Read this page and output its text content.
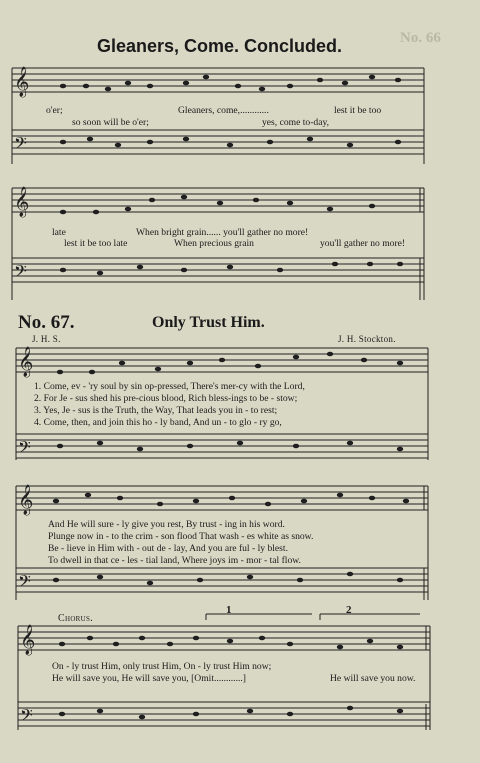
No. 66
Gleaners, Come. Concluded.
𝄞
𝄢
𝄞
𝄢
𝄞
𝄢
𝄞
𝄢
𝄞
𝄢
o'er;	Gleaners, come,............	lest it be too
so soon will be o'er;	yes, come to-day,
late	When bright grain...... you'll gather no more!
lest it be too late	When precious grain	you'll gather no more!
No. 67.	Only Trust Him.
J. H. S.	J. H. Stockton.
1. Come, ev - 'ry soul by sin op-pressed, There's mer-cy with the Lord,
2. For Je - sus shed his pre-cious blood, Rich bless-ings to be - stow;
3. Yes, Je - sus is the Truth, the Way, That leads you in - to rest;
4. Come, then, and join this ho - ly band, And un - to glo - ry go,
And He will sure - ly give you rest, By trust - ing in his word.
Plunge now in - to the crim - son flood That wash - es white as snow.
Be - lieve in Him with - out de - lay, And you are ful - ly blest.
To dwell in that ce - les - tial land, Where joys im - mor - tal flow.
Chorus.
1	2
On - ly trust Him, only trust Him, On - ly trust Him now;
He will save you, He will save you, [Omit............]	He will save you now.
